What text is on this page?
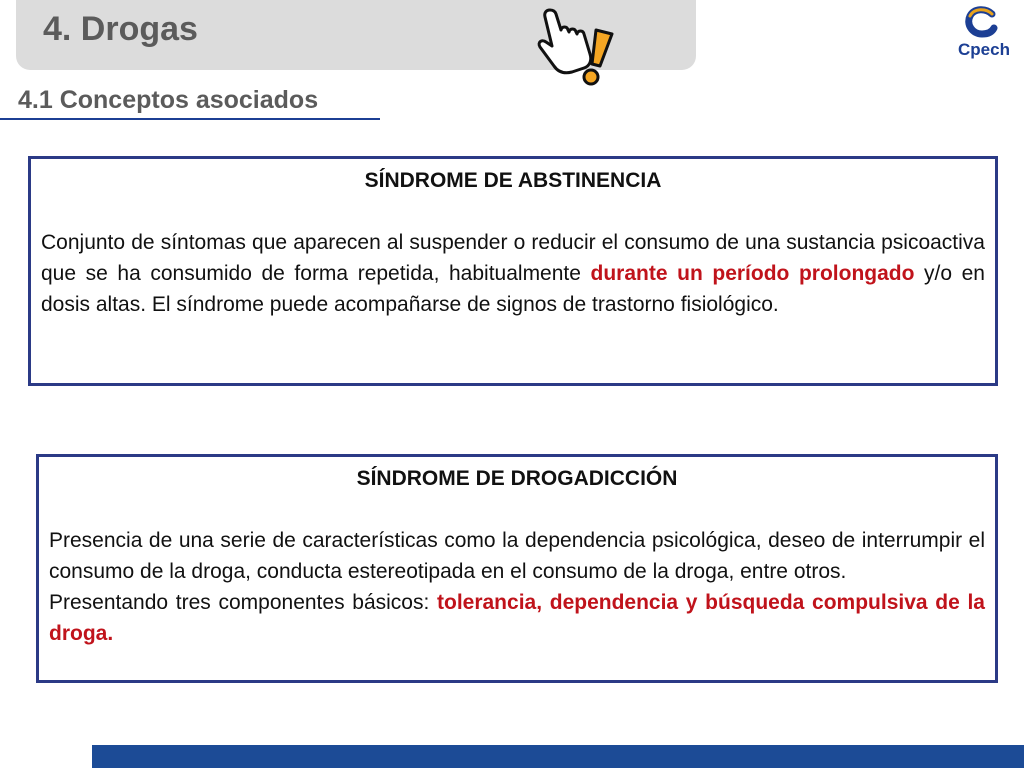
4. Drogas
Cpech
4.1 Conceptos asociados
SÍNDROME DE ABSTINENCIA

Conjunto de síntomas que aparecen al suspender o reducir el consumo de una sustancia psicoactiva que se ha consumido de forma repetida, habitualmente durante un período prolongado y/o en dosis altas. El síndrome puede acompañarse de signos de trastorno fisiológico.

SÍNDROME DE DROGADICCIÓN

Presencia de una serie de características como la dependencia psicológica, deseo de interrumpir el consumo de la droga, conducta estereotipada en el consumo de la droga, entre otros.

Presentando tres componentes básicos: tolerancia, dependencia y búsqueda compulsiva de la droga.
